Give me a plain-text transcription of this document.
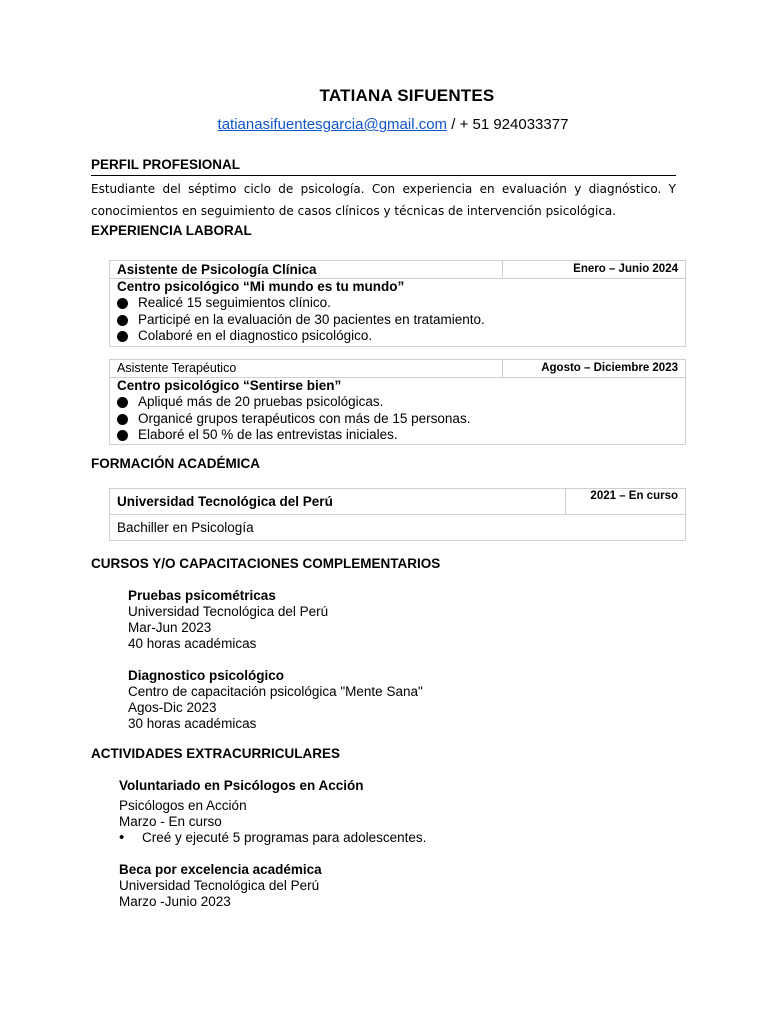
TATIANA SIFUENTES
tatianasifuentesgarcia@gmail.com / + 51 924033377
PERFIL PROFESIONAL
Estudiante del séptimo ciclo de psicología. Con experiencia en evaluación y diagnóstico. Y conocimientos en seguimiento de casos clínicos y técnicas de intervención psicológica.
EXPERIENCIA LABORAL
Asistente de Psicología Clínica	Enero – Junio 2024

Centro psicológico “Mi mundo es tu mundo”
Realicé 15 seguimientos clínico.
Participé en la evaluación de 30 pacientes en tratamiento.
Colaboré en el diagnostico psicológico.
Asistente Terapéutico	Agosto – Diciembre 2023

Centro psicológico “Sentirse bien”
Apliqué más de 20 pruebas psicológicas.
Organicé grupos terapéuticos con más de 15 personas.
Elaboré el 50 % de las entrevistas iniciales.
FORMACIÓN ACADÉMICA
Universidad Tecnológica del Perú	2021 – En curso
Bachiller en Psicología
CURSOS Y/O CAPACITACIONES COMPLEMENTARIOS
Pruebas psicométricas
Universidad Tecnológica del Perú
Mar-Jun 2023
40 horas académicas
Diagnostico psicológico
Centro de capacitación psicológica "Mente Sana"
Agos-Dic 2023
30 horas académicas
ACTIVIDADES EXTRACURRICULARES
Voluntariado en Psicólogos en Acción
Psicólogos en Acción
Marzo - En curso
• Creé y ejecuté 5 programas para adolescentes.
Beca por excelencia académica
Universidad Tecnológica del Perú
Marzo -Junio 2023
